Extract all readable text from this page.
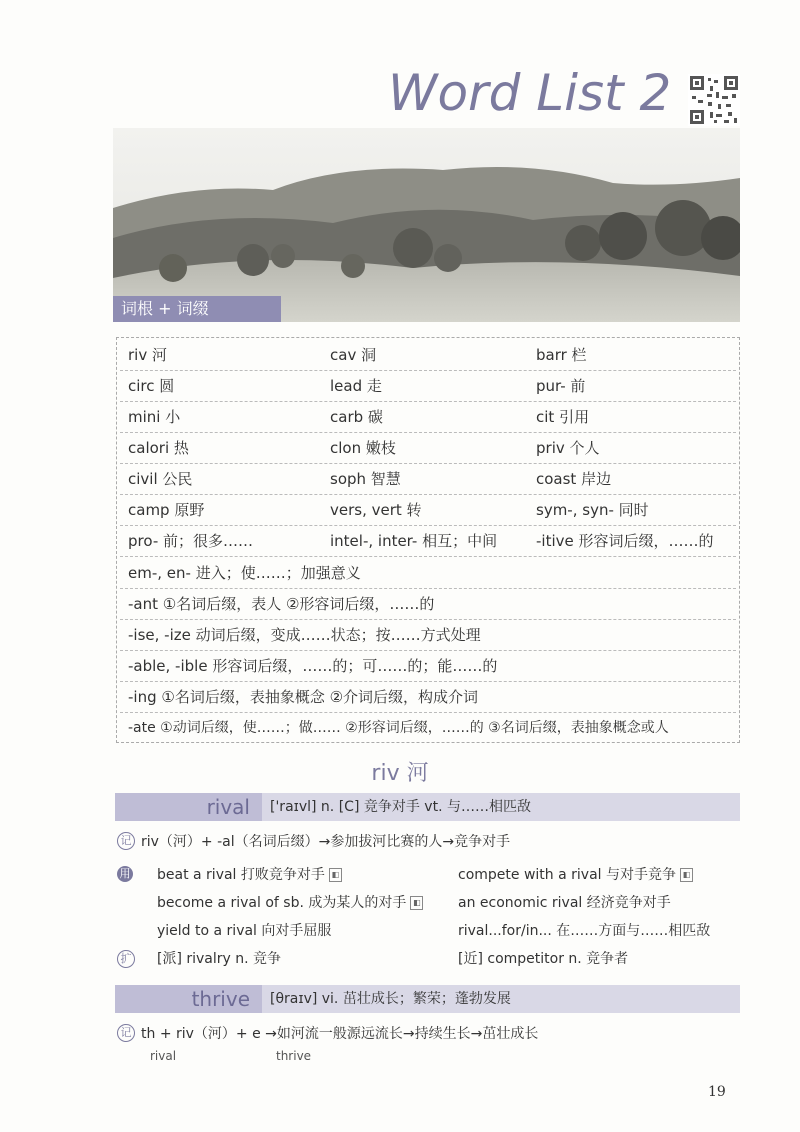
Word List 2
词根 + 词缀
riv 河	cav 洞	barr 栏
circ 圆	lead 走	pur- 前
mini 小	carb 碳	cit 引用
calori 热	clon 嫩枝	priv 个人
civil 公民	soph 智慧	coast 岸边
camp 原野	vers, vert 转	sym-, syn- 同时
pro- 前；很多……	intel-, inter- 相互；中间	-itive 形容词后缀，……的
em-, en- 进入；使……；加强意义
-ant ①名词后缀，表人 ②形容词后缀，……的
-ise, -ize 动词后缀，变成……状态；按……方式处理
-able, -ible 形容词后缀，……的；可……的；能……的
-ing ①名词后缀，表抽象概念 ②介词后缀，构成介词
-ate ①动词后缀，使……；做…… ②形容词后缀，……的 ③名词后缀，表抽象概念或人
riv 河
rival	['raɪvl] n. [C] 竞争对手 vt. 与……相匹敌
记 riv（河）+ -al（名词后缀）→参加拔河比赛的人→竞争对手
用 beat a rival 打败竞争对手 ◧	compete with a rival 与对手竞争 ◧
become a rival of sb. 成为某人的对手 ◧	an economic rival 经济竞争对手
yield to a rival 向对手屈服	rival...for/in... 在……方面与……相匹敌
扩 [派] rivalry n. 竞争	[近] competitor n. 竞争者
thrive	[θraɪv] vi. 茁壮成长；繁荣；蓬勃发展
记 th + riv（河）+ e →如河流一般源远流长→持续生长→茁壮成长
rival	thrive
19
